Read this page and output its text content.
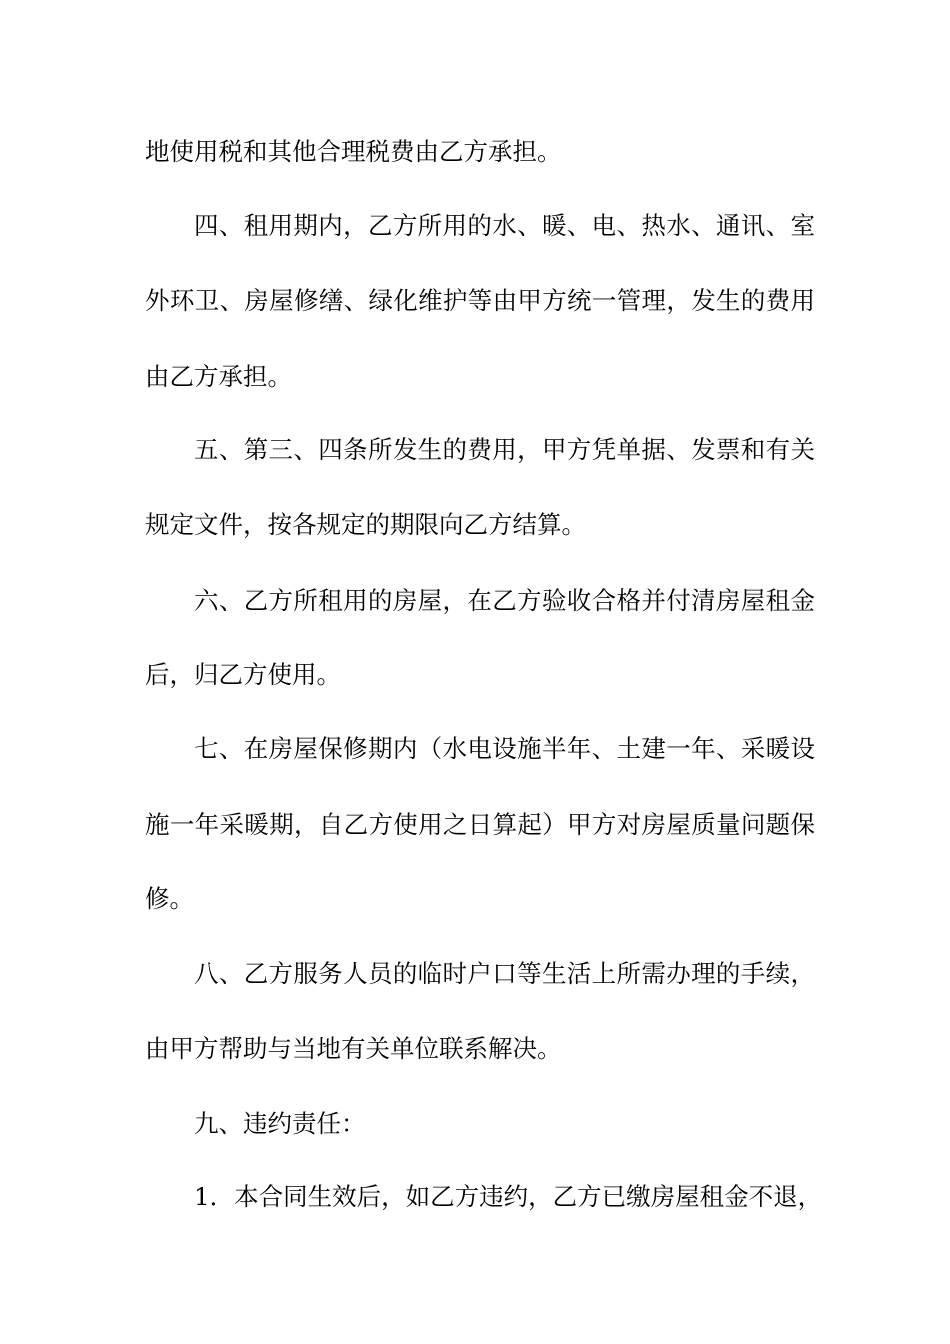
地使用税和其他合理税费由乙方承担。

四、租用期内，乙方所用的水、暖、电、热水、通讯、室

外环卫、房屋修缮、绿化维护等由甲方统一管理，发生的费用

由乙方承担。

五、第三、四条所发生的费用，甲方凭单据、发票和有关

规定文件，按各规定的期限向乙方结算。

六、乙方所租用的房屋，在乙方验收合格并付清房屋租金

后，归乙方使用。

七、在房屋保修期内（水电设施半年、土建一年、采暖设

施一年采暖期，自乙方使用之日算起）甲方对房屋质量问题保

修。

八、乙方服务人员的临时户口等生活上所需办理的手续，

由甲方帮助与当地有关单位联系解决。

九、违约责任：

1．本合同生效后，如乙方违约，乙方已缴房屋租金不退，
